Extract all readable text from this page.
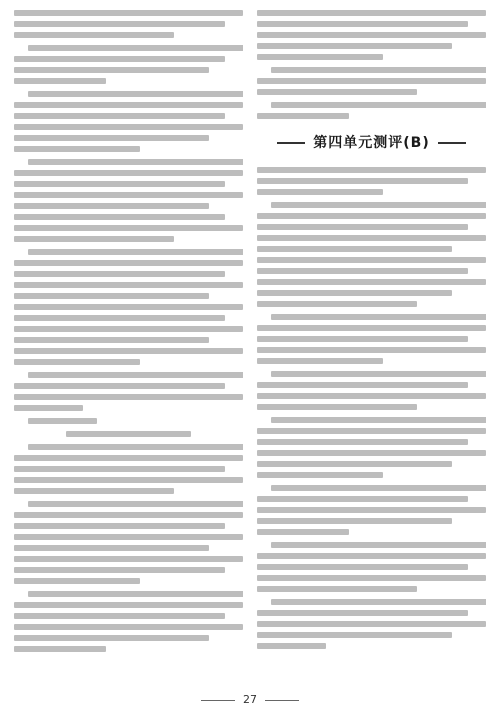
第四单元测评(B)
27
